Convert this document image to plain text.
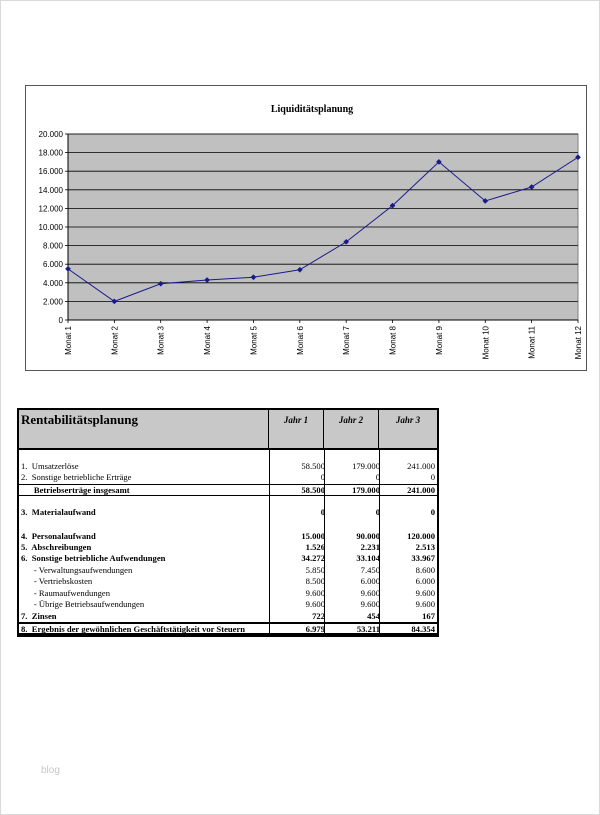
Liquiditätsplanung
0
2.000
4.000
6.000
8.000
10.000
12.000
14.000
16.000
18.000
20.000
Monat 1	Monat 2	Monat 3	Monat 4	Monat 5	Monat 6	Monat 7	Monat 8	Monat 9	Monat 10	Monat 11	Monat 12
Rentabilitätsplanung	Jahr 1	Jahr 2	Jahr 3
1.  Umsatzerlöse	58.500	179.000	241.000
2.  Sonstige betriebliche Erträge	0	0	0
Betriebserträge insgesamt	58.500	179.000	241.000
3.  Materialaufwand	0	0	0
4.  Personalaufwand	15.000	90.000	120.000
5.  Abschreibungen	1.526	2.231	2.513
6.  Sonstige betriebliche Aufwendungen	34.272	33.104	33.967
- Verwaltungsaufwendungen	5.850	7.450	8.600
- Vertriebskosten	8.500	6.000	6.000
- Raumaufwendungen	9.600	9.600	9.600
- Übrige Betriebsaufwendungen	9.600	9.600	9.600
7.  Zinsen	722	454	167
8.  Ergebnis der gewöhnlichen Geschäftstätigkeit vor Steuern	6.979	53.211	84.354
blog
